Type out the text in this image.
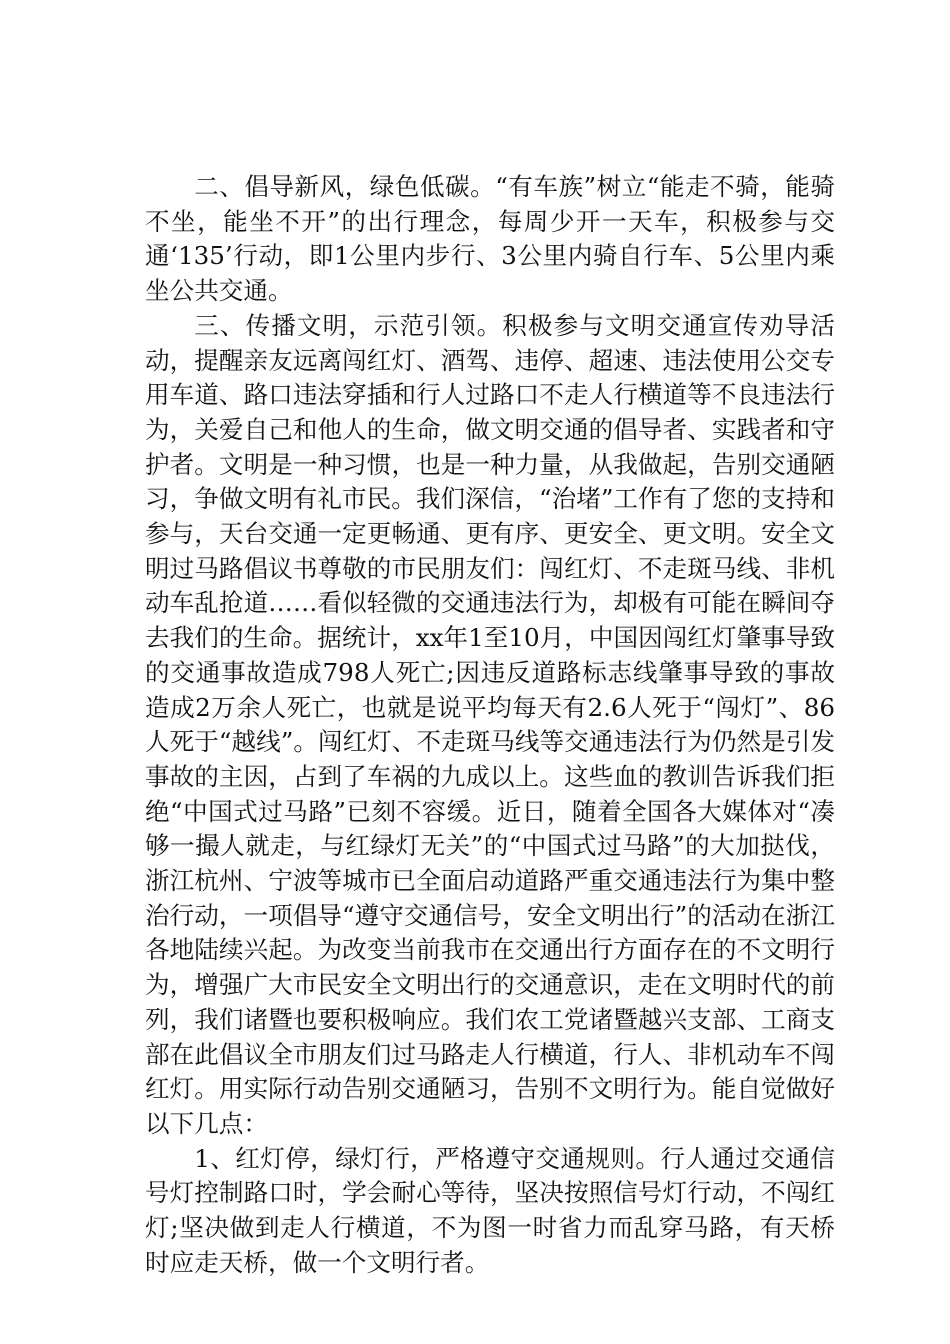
二、倡导新风，绿色低碳。“有车族”树立“能走不骑，能骑不坐，能坐不开”的出行理念，每周少开一天车，积极参与交通‘135’行动，即1公里内步行、3公里内骑自行车、5公里内乘坐公共交通。

三、传播文明，示范引领。积极参与文明交通宣传劝导活动，提醒亲友远离闯红灯、酒驾、违停、超速、违法使用公交专用车道、路口违法穿插和行人过路口不走人行横道等不良违法行为，关爱自己和他人的生命，做文明交通的倡导者、实践者和守护者。文明是一种习惯，也是一种力量，从我做起，告别交通陋习，争做文明有礼市民。我们深信，“治堵”工作有了您的支持和参与，天台交通一定更畅通、更有序、更安全、更文明。安全文明过马路倡议书尊敬的市民朋友们：闯红灯、不走斑马线、非机动车乱抢道……看似轻微的交通违法行为，却极有可能在瞬间夺去我们的生命。据统计，xx年1至10月，中国因闯红灯肇事导致的交通事故造成798人死亡;因违反道路标志线肇事导致的事故造成2万余人死亡，也就是说平均每天有2.6人死于“闯灯”、86人死于“越线”。闯红灯、不走斑马线等交通违法行为仍然是引发事故的主因，占到了车祸的九成以上。这些血的教训告诉我们拒绝“中国式过马路”已刻不容缓。近日，随着全国各大媒体对“凑够一撮人就走，与红绿灯无关”的“中国式过马路”的大加挞伐，浙江杭州、宁波等城市已全面启动道路严重交通违法行为集中整治行动，一项倡导“遵守交通信号，安全文明出行”的活动在浙江各地陆续兴起。为改变当前我市在交通出行方面存在的不文明行为，增强广大市民安全文明出行的交通意识，走在文明时代的前列，我们诸暨也要积极响应。我们农工党诸暨越兴支部、工商支部在此倡议全市朋友们过马路走人行横道，行人、非机动车不闯红灯。用实际行动告别交通陋习，告别不文明行为。能自觉做好以下几点：

1、红灯停，绿灯行，严格遵守交通规则。行人通过交通信号灯控制路口时，学会耐心等待，坚决按照信号灯行动，不闯红灯;坚决做到走人行横道，不为图一时省力而乱穿马路，有天桥时应走天桥，做一个文明行者。
